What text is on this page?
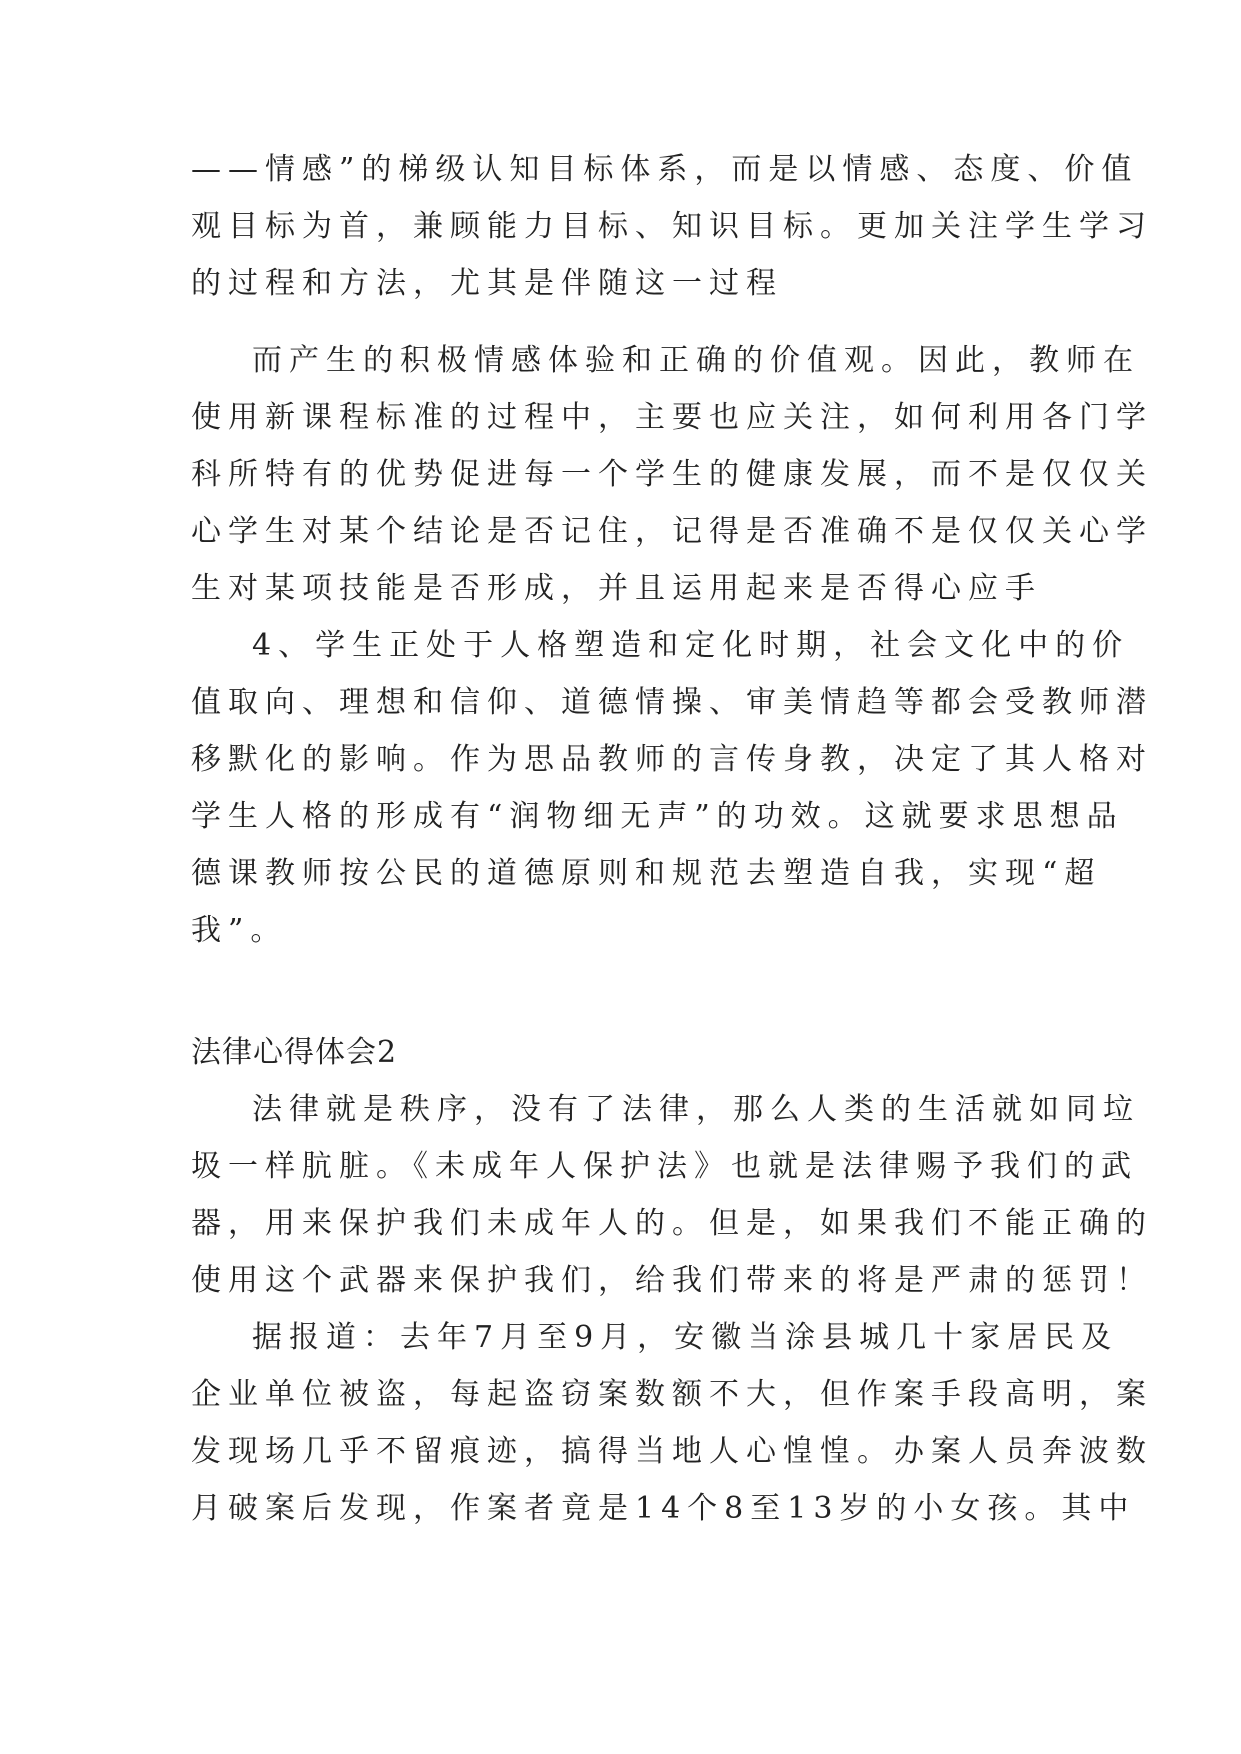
——情感”的梯级认知目标体系，而是以情感、态度、价值
观目标为首，兼顾能力目标、知识目标。更加关注学生学习
的过程和方法，尤其是伴随这一过程
而产生的积极情感体验和正确的价值观。因此，教师在
使用新课程标准的过程中，主要也应关注，如何利用各门学
科所特有的优势促进每一个学生的健康发展，而不是仅仅关
心学生对某个结论是否记住，记得是否准确不是仅仅关心学
生对某项技能是否形成，并且运用起来是否得心应手
4、学生正处于人格塑造和定化时期，社会文化中的价
值取向、理想和信仰、道德情操、审美情趋等都会受教师潜
移默化的影响。作为思品教师的言传身教，决定了其人格对
学生人格的形成有“润物细无声”的功效。这就要求思想品
德课教师按公民的道德原则和规范去塑造自我，实现“超
我”。
法律心得体会2
法律就是秩序，没有了法律，那么人类的生活就如同垃
圾一样肮脏。《未成年人保护法》也就是法律赐予我们的武
器，用来保护我们未成年人的。但是，如果我们不能正确的
使用这个武器来保护我们，给我们带来的将是严肃的惩罚！
据报道：去年7月至9月，安徽当涂县城几十家居民及
企业单位被盗，每起盗窃案数额不大，但作案手段高明，案
发现场几乎不留痕迹，搞得当地人心惶惶。办案人员奔波数
月破案后发现，作案者竟是14个8至13岁的小女孩。其中
